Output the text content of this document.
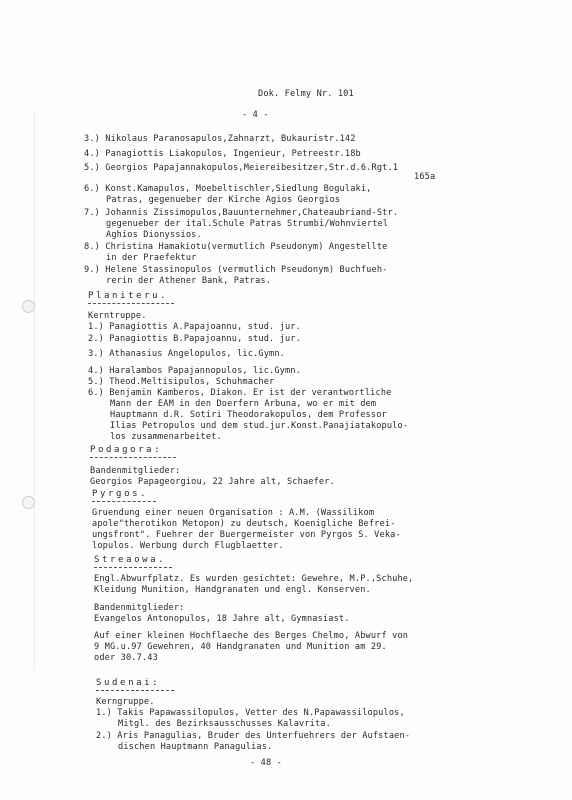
Dok. Felmy Nr. 101
- 4 -
3.) Nikolaus Paranosapulos,Zahnarzt, Bukauristr.142
4.) Panagiottis Liakopulos, Ingenieur, Petreestr.18b
5.) Georgios Papajannakopulos,Meiereibesitzer,Str.d.6.Rgt.1
165a
6.) Konst.Kamapulos, Moebeltischler,Siedlung Bogulaki,
Patras, gegenueber der Kirche Agios Georgios
7.) Johannis Zissimopulos,Bauunternehmer,Chateaubriand-Str.
gegenueber der ital.Schule Patras Strumbi/Wohnviertel
Aghios Dionyssios.
8.) Christina Hamakiotu(vermutlich Pseudonym) Angestellte
in der Praefektur
9.) Helene Stassinopulos (vermutlich Pseudonym) Buchfueh-
rerin der Athener Bank, Patras.
Planiteru.
Kerntruppe.
1.) Panagiottis A.Papajoannu, stud. jur.
2.) Panagiottis B.Papajoannu, stud. jur.
3.) Athanasius Angelopulos, lic.Gymn.
4.) Haralambos Papajannopulos, lic.Gymn.
5.) Theod.Meltisipulos, Schuhmacher
6.) Benjamin Kamberos, Diakon. Er ist der verantwortliche
Mann der EAM in den Doerfern Arbuna, wo er mit dem
Hauptmann d.R. Sotiri Theodorakopulos, dem Professor
Ilias Petropulos und dem stud.jur.Konst.Panajiatakopulo-
los zusammenarbeitet.
Podagora:
Bandenmitglieder:
Georgios Papageorgiou, 22 Jahre alt, Schaefer.
Pyrgos.
Gruendung einer neuen Organisation : A.M. (Wassilikom
apole"therotikon Metopon) zu deutsch, Koenigliche Befrei-
ungsfront". Fuehrer der Buergermeister von Pyrgos S. Veka-
lopulos. Werbung durch Flugblaetter.
Streaowa.
Engl.Abwurfplatz. Es wurden gesichtet: Gewehre, M.P.,Schuhe,
Kleidung Munition, Handgranaten und engl. Konserven.
Bandenmitglieder:
Evangelos Antonopulos, 18 Jahre alt, Gymnasiast.
Auf einer kleinen Hochflaeche des Berges Chelmo, Abwurf von
9 MG.u.97 Gewehren, 40 Handgranaten und Munition am 29.
oder 30.7.43
Sudenai:
Kerngruppe.
1.) Takis Papawassilopulos, Vetter des N.Papawassilopulos,
Mitgl. des Bezirksausschusses Kalavrita.
2.) Aris Panagulias, Bruder des Unterfuehrers der Aufstaen-
dischen Hauptmann Panagulias.
- 48 -
